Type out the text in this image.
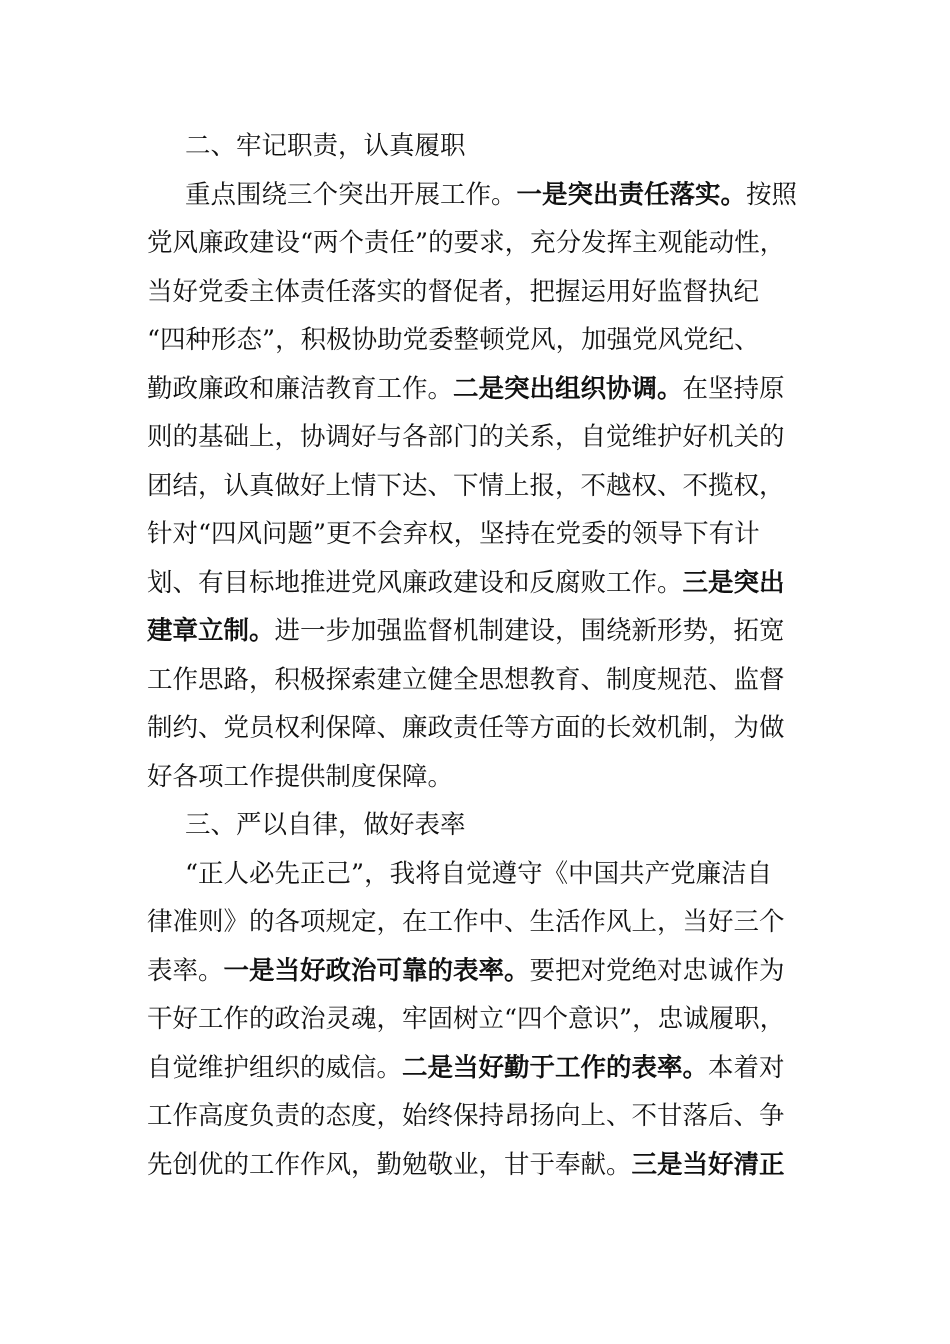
二、牢记职责，认真履职

重点围绕三个突出开展工作。一是突出责任落实。按照
党风廉政建设“两个责任”的要求，充分发挥主观能动性，
当好党委主体责任落实的督促者，把握运用好监督执纪
“四种形态”，积极协助党委整顿党风，加强党风党纪、
勤政廉政和廉洁教育工作。二是突出组织协调。在坚持原
则的基础上，协调好与各部门的关系，自觉维护好机关的
团结，认真做好上情下达、下情上报，不越权、不揽权，
针对“四风问题”更不会弃权，坚持在党委的领导下有计
划、有目标地推进党风廉政建设和反腐败工作。三是突出
建章立制。进一步加强监督机制建设，围绕新形势，拓宽
工作思路，积极探索建立健全思想教育、制度规范、监督
制约、党员权利保障、廉政责任等方面的长效机制，为做
好各项工作提供制度保障。

三、严以自律，做好表率

“正人必先正己”，我将自觉遵守《中国共产党廉洁自
律准则》的各项规定，在工作中、生活作风上，当好三个
表率。一是当好政治可靠的表率。要把对党绝对忠诚作为
干好工作的政治灵魂，牢固树立“四个意识”，忠诚履职，
自觉维护组织的威信。二是当好勤于工作的表率。本着对
工作高度负责的态度，始终保持昂扬向上、不甘落后、争
先创优的工作作风，勤勉敬业，甘于奉献。三是当好清正
